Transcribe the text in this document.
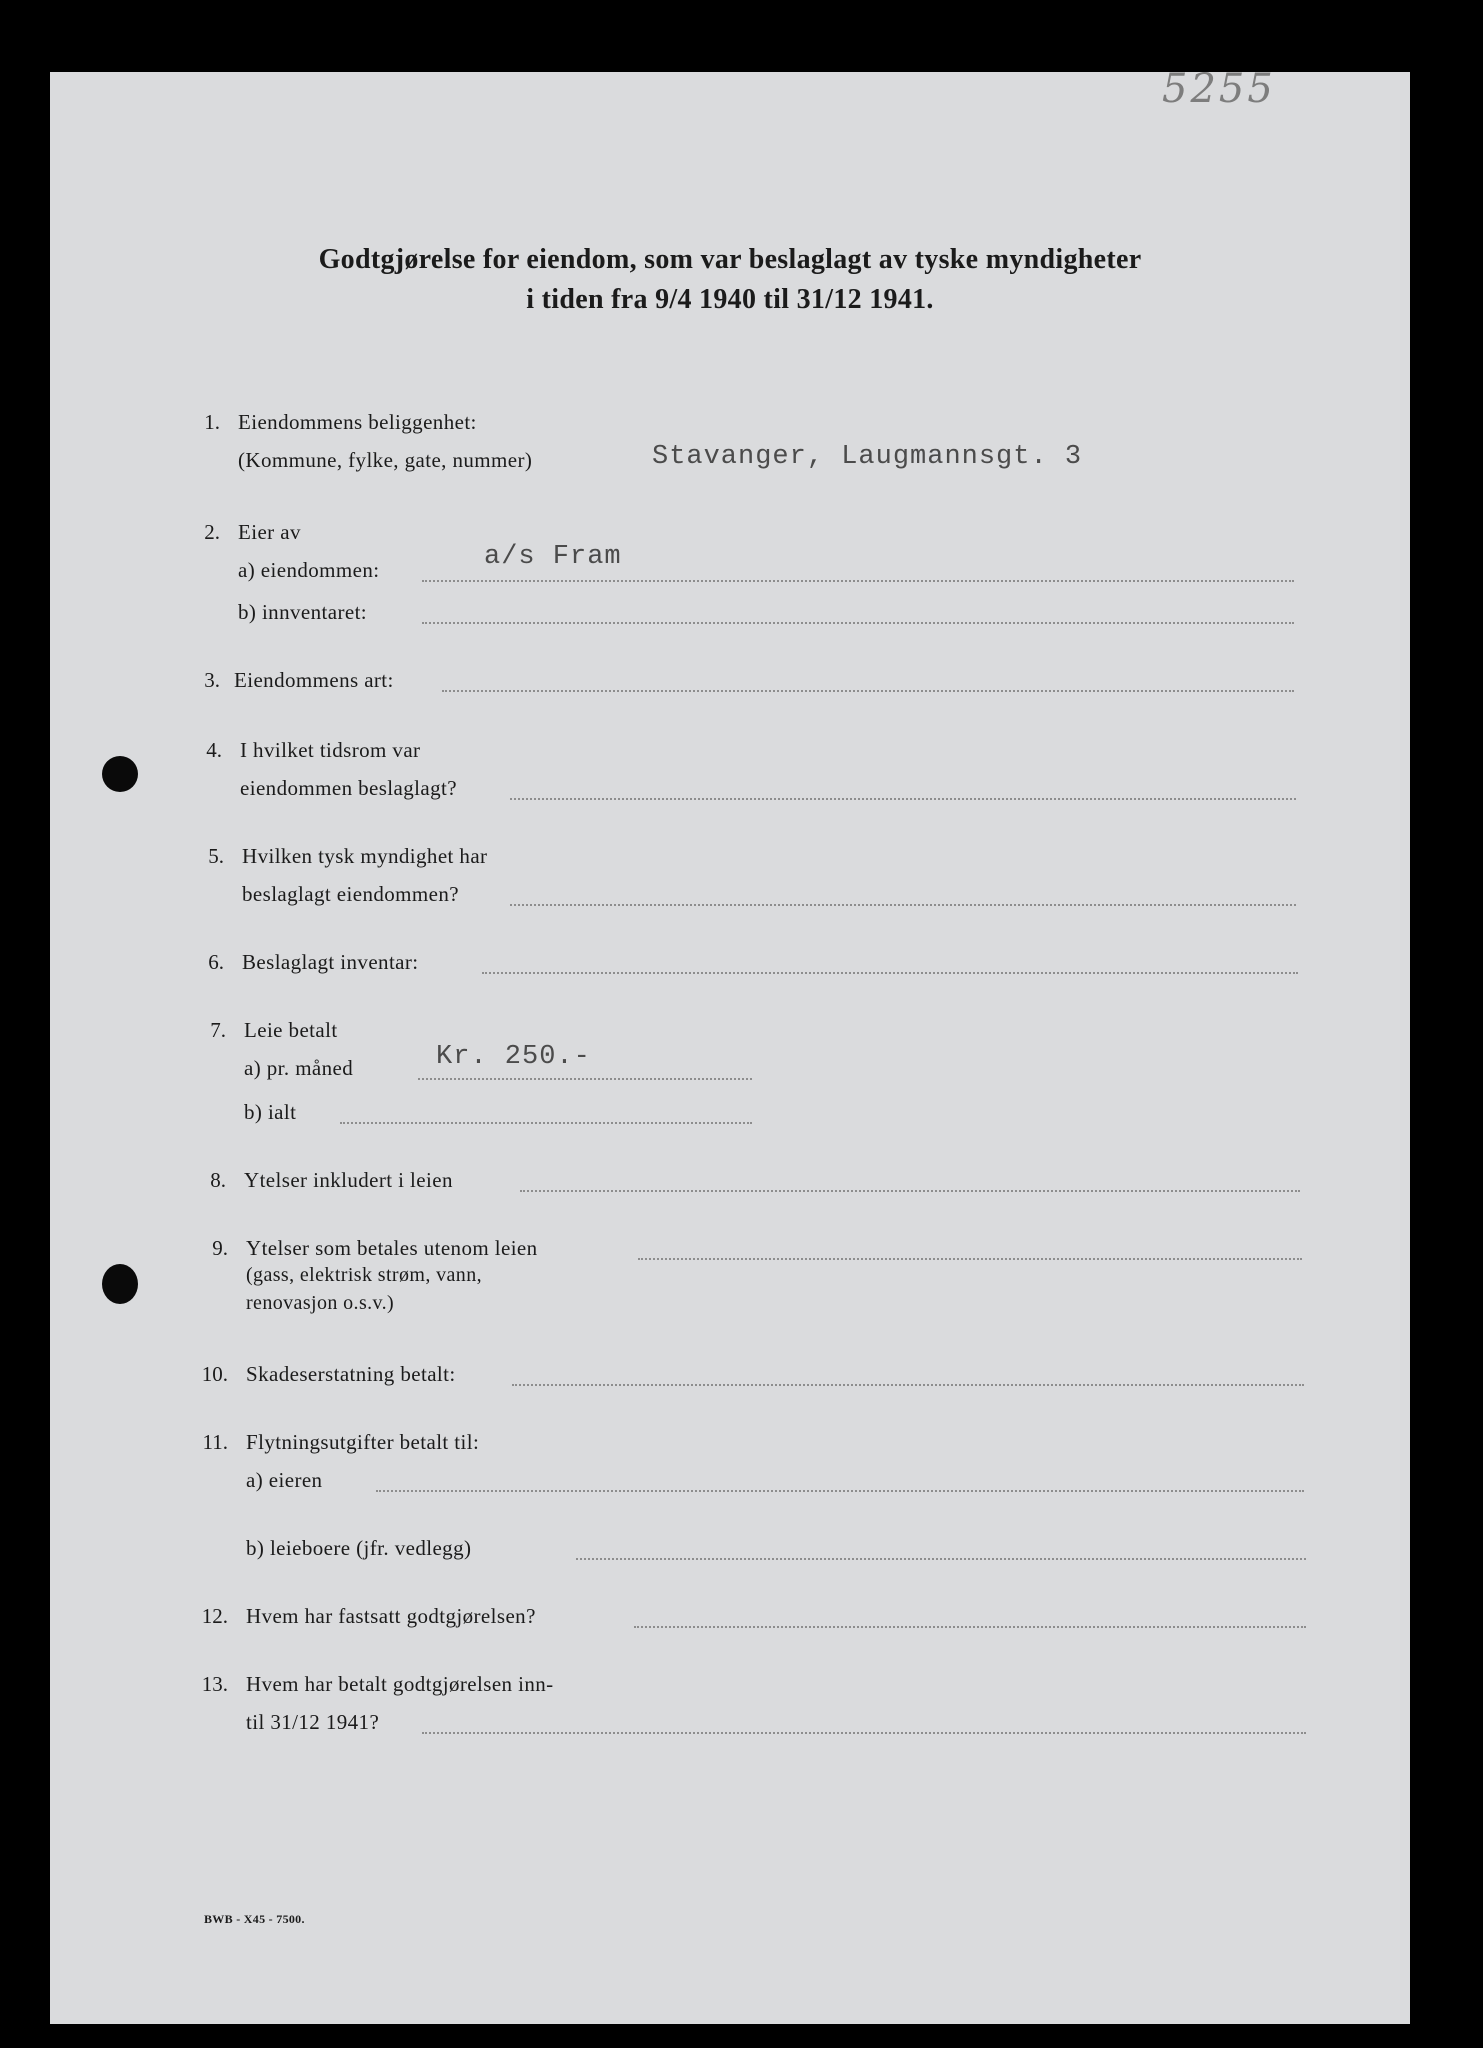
5255
Godtgjørelse for eiendom, som var beslaglagt av tyske myndigheter
i tiden fra 9/4 1940 til 31/12 1941.
1. Eiendommens beliggenhet:
(Kommune, fylke, gate, nummer)	Stavanger, Laugmannsgt. 3
2. Eier av
a) eiendommen:	a/s Fram
b) innventaret:
3. Eiendommens art:
4. I hvilket tidsrom var
eiendommen beslaglagt?
5. Hvilken tysk myndighet har
beslaglagt eiendommen?
6. Beslaglagt inventar:
7. Leie betalt
a) pr. måned	Kr. 250.-
b) ialt
8. Ytelser inkludert i leien
9. Ytelser som betales utenom leien
(gass, elektrisk strøm, vann,
renovasjon o.s.v.)
10. Skadeserstatning betalt:
11. Flytningsutgifter betalt til:
a) eieren
b) leieboere (jfr. vedlegg)
12. Hvem har fastsatt godtgjørelsen?
13. Hvem har betalt godtgjørelsen inn-
til 31/12 1941?
BWB - X45 - 7500.
